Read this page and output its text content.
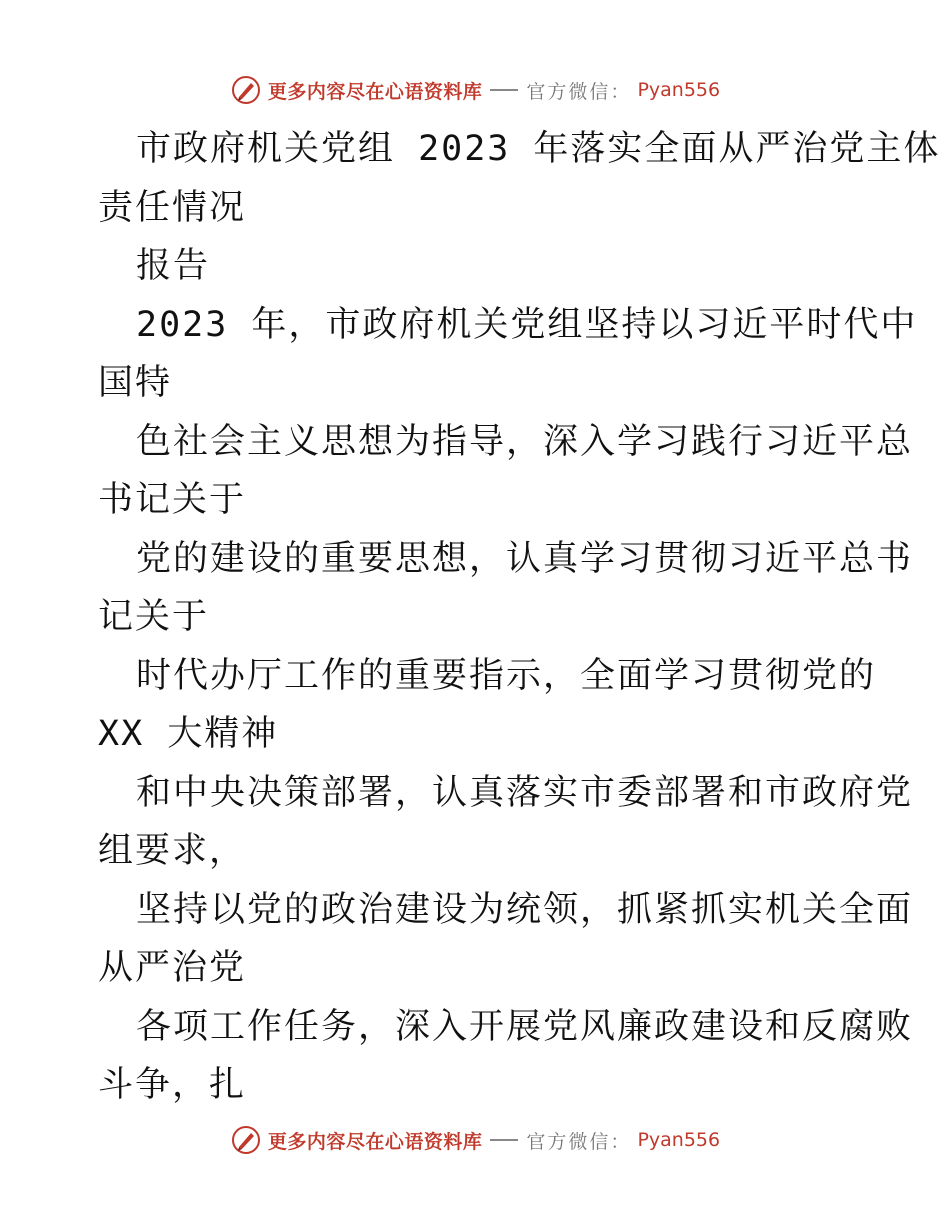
更多内容尽在心语资料库 官方微信： Pyan556
市政府机关党组 2023 年落实全面从严治党主体
责任情况
报告
2023 年，市政府机关党组坚持以习近平时代中
国特
色社会主义思想为指导，深入学习践行习近平总
书记关于
党的建设的重要思想，认真学习贯彻习近平总书
记关于
时代办厅工作的重要指示，全面学习贯彻党的
XX 大精神
和中央决策部署，认真落实市委部署和市政府党
组要求，
坚持以党的政治建设为统领，抓紧抓实机关全面
从严治党
各项工作任务，深入开展党风廉政建设和反腐败
斗争，扎
更多内容尽在心语资料库 官方微信： Pyan556
